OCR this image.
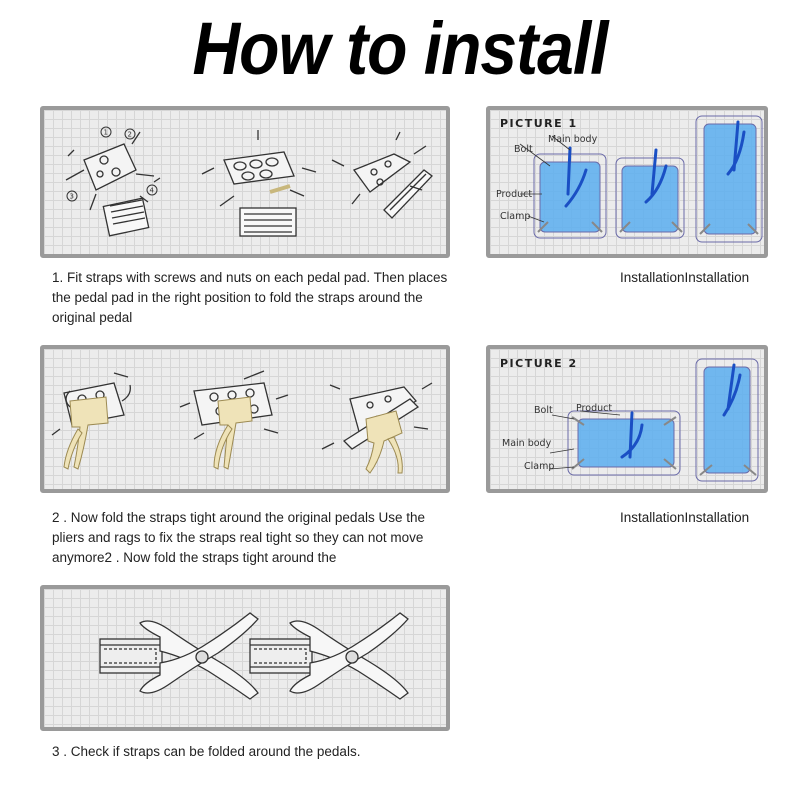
How to install
1	2
3
4
1. Fit straps with screws and nuts on each pedal pad. Then places the pedal pad in the right position to fold the straps around the original pedal
PICTURE 1
Main body
Bolt
Product
Clamp
InstallationInstallation
2 . Now fold the straps tight around the original pedals Use the pliers and rags to fix the straps real tight so they can not move anymore2 . Now fold the straps tight around the
PICTURE 2
Bolt Product
Main body
Clamp
InstallationInstallation
3 . Check if straps can be folded around the pedals.
